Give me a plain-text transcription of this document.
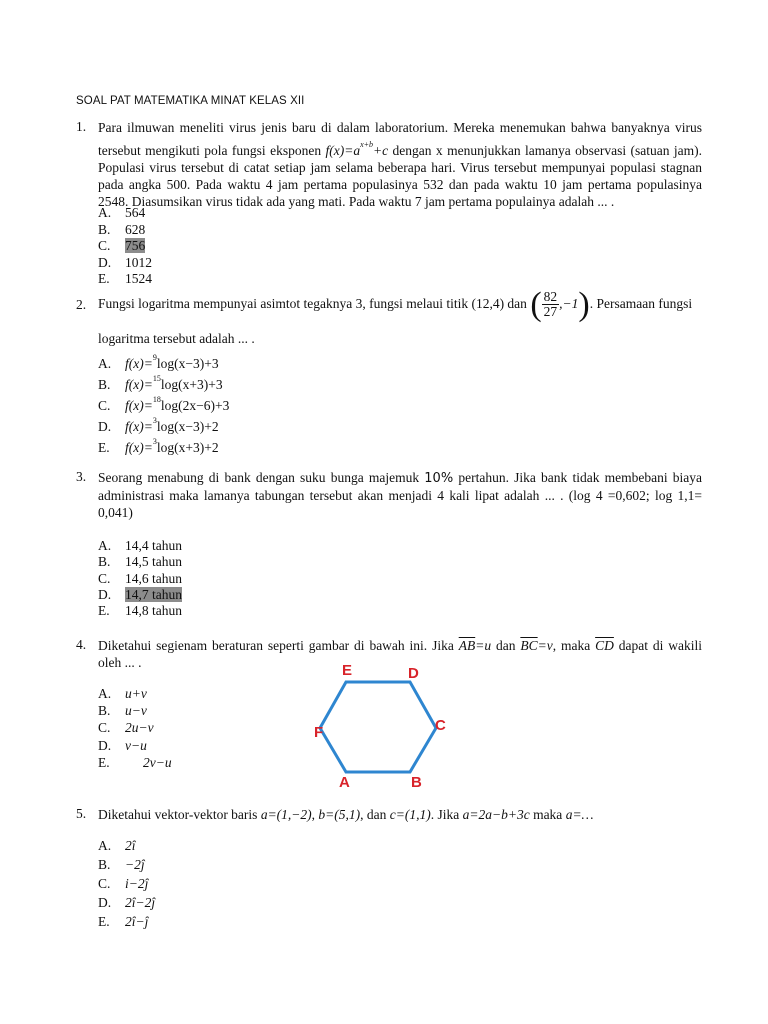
SOAL PAT MATEMATIKA MINAT KELAS XII
1. Para ilmuwan meneliti virus jenis baru di dalam laboratorium. Mereka menemukan bahwa banyaknya virus tersebut mengikuti pola fungsi eksponen $f(x)=a^{x+b}+c$ dengan x menunjukkan lamanya observasi (satuan jam). Populasi virus tersebut di catat setiap jam selama beberapa hari. Virus tersebut mempunyai populasi stagnan pada angka 500. Pada waktu 4 jam pertama populasinya 532 dan pada waktu 10 jam pertama populasinya 2548. Diasumsikan virus tidak ada yang mati. Pada waktu 7 jam pertama populainya adalah ... .
A. 564
B. 628
C. 756
D. 1012
E. 1524
2. Fungsi logaritma mempunyai asimtot tegaknya 3, fungsi melaui titik (12,4) dan ( $\frac{82}{27} ,-1$). Persamaan fungsi
logaritma tersebut adalah ... .
A. f(x)=$^9$log(x−3)+3
B. f(x)=$^{15}$log(x+3)+3
C. f(x)=$^{18}$log(2x−6)+3
D. f(x)=$^3$log(x−3)+2
E. f(x)=$^3$log(x+3)+2
3. Seorang menabung di bank dengan suku bunga majemuk 10% pertahun. Jika bank tidak membebani biaya administrasi maka lamanya tabungan tersebut akan menjadi 4 kali lipat adalah ... . (log 4 =0,602; log 1,1= 0,041)
A. 14,4 tahun
B. 14,5 tahun
C. 14,6 tahun
D. 14,7 tahun
E. 14,8 tahun
4. Diketahui segienam beraturan seperti gambar di bawah ini. Jika $\overline{AB}=u$ dan $\overline{BC}=v$, maka $\overline{CD}$ dapat di wakili oleh ... .
A. u+v
B. u−v
C. 2u−v
D. v−u
E. 2v−u
A	B
C
D
E
F
5. Diketahui vektor-vektor baris a=(1,−2), b=(5,1), dan c=(1,1). Jika a=2a−b+3c maka a=…
A. 2î
B. −2ĵ
C. i−2ĵ
D. 2î−2ĵ
E. 2î−ĵ
